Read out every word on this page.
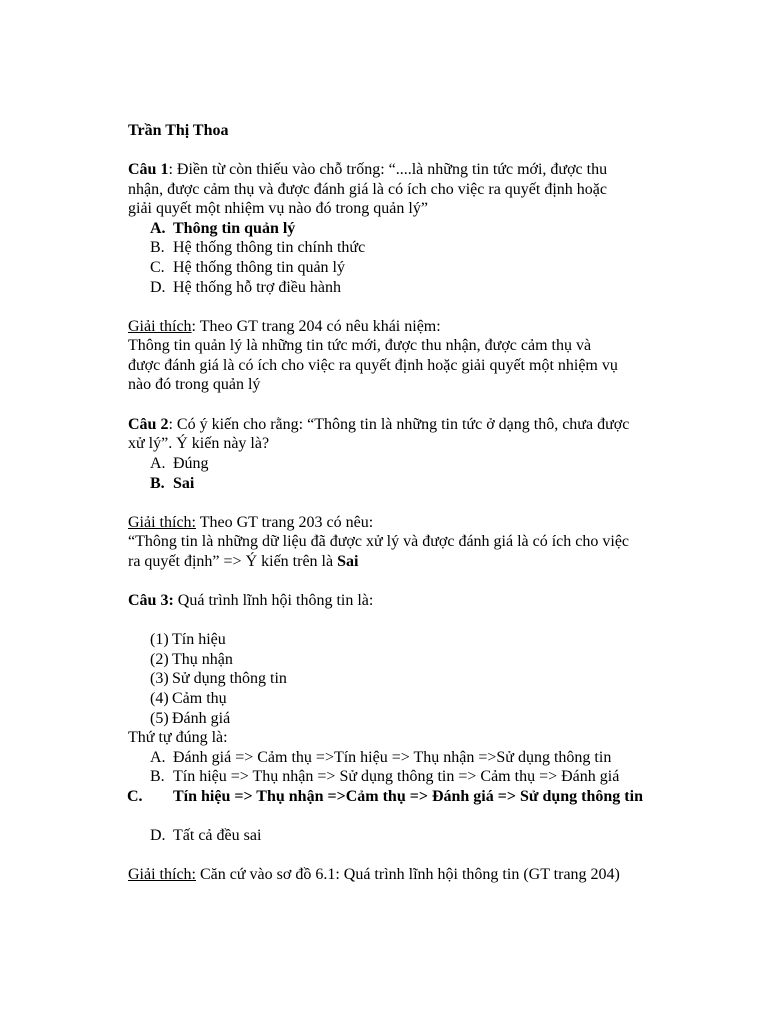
Trần Thị Thoa

Câu 1: Điền từ còn thiếu vào chỗ trống: “....là những tin tức mới, được thu

nhận, được cảm thụ và được đánh giá là có ích cho việc ra quyết định hoặc

giải quyết một nhiệm vụ nào đó trong quản lý”

A. Thông tin quản lý

B. Hệ thống thông tin chính thức

C. Hệ thống thông tin quản lý

D. Hệ thống hỗ trợ điều hành

Giải thích: Theo GT trang 204 có nêu khái niệm:

Thông tin quản lý là những tin tức mới, được thu nhận, được cảm thụ và

được đánh giá là có ích cho việc ra quyết định hoặc giải quyết một nhiệm vụ

nào đó trong quản lý

Câu 2: Có ý kiến cho rằng: “Thông tin là những tin tức ở dạng thô, chưa được

xử lý”. Ý kiến này là?

A. Đúng

B. Sai

Giải thích: Theo GT trang 203 có nêu:

“Thông tin là những dữ liệu đã được xử lý và được đánh giá là có ích cho việc

ra quyết định” => Ý kiến trên là Sai

Câu 3: Quá trình lĩnh hội thông tin là:

(1) Tín hiệu

(2) Thụ nhận

(3) Sử dụng thông tin

(4) Cảm thụ

(5) Đánh giá

Thứ tự đúng là:

A. Đánh giá => Cảm thụ =>Tín hiệu => Thụ nhận =>Sử dụng thông tin

B. Tín hiệu => Thụ nhận => Sử dụng thông tin => Cảm thụ => Đánh giá

C. Tín hiệu => Thụ nhận =>Cảm thụ => Đánh giá => Sử dụng thông tin

D. Tất cả đều sai

Giải thích: Căn cứ vào sơ đồ 6.1: Quá trình lĩnh hội thông tin (GT trang 204)
